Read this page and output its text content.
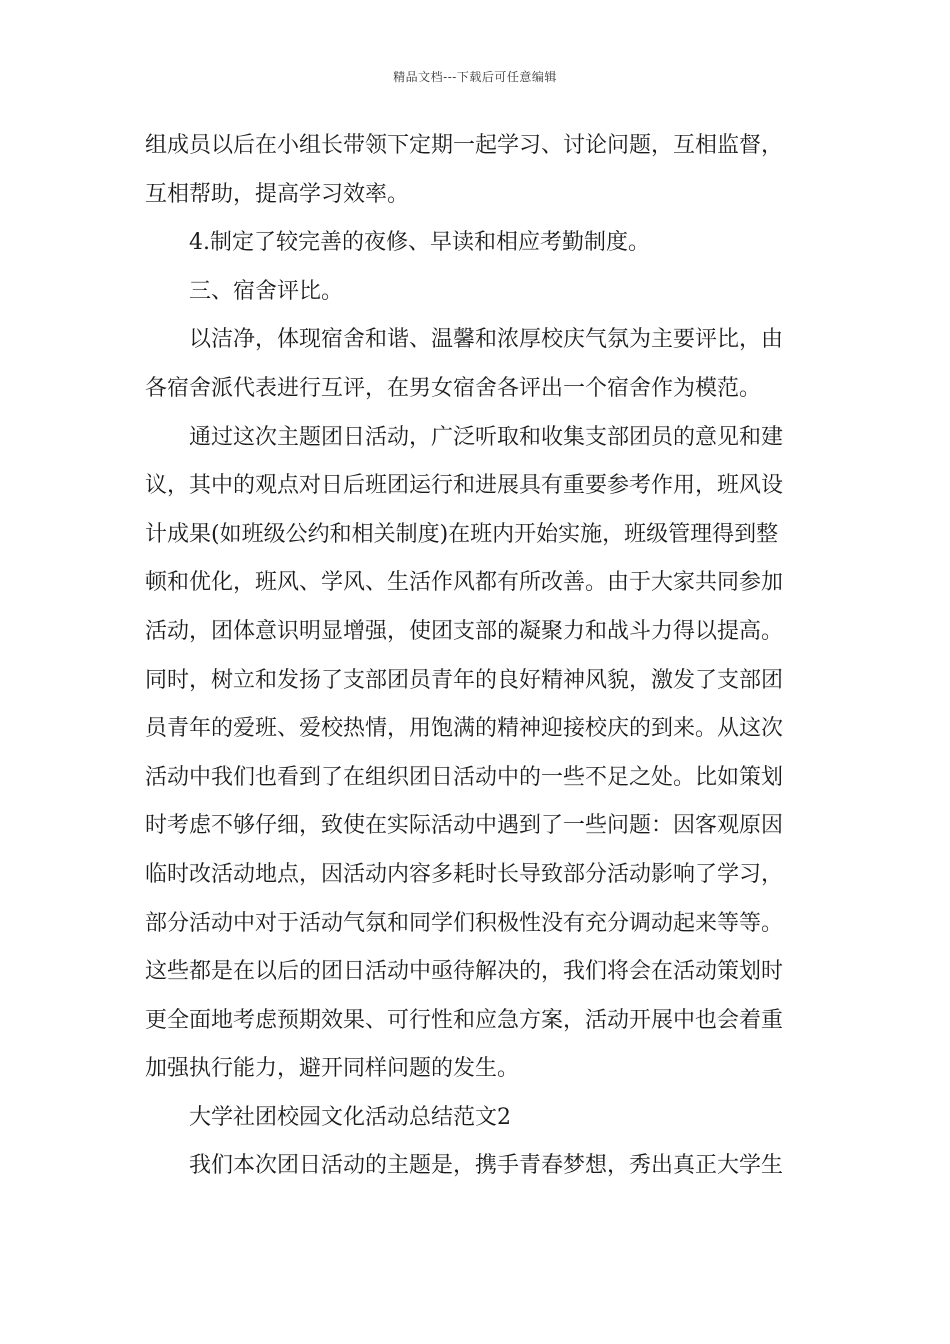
精品文档---下载后可任意编辑
组成员以后在小组长带领下定期一起学习、讨论问题，互相监督，
互相帮助，提高学习效率。
4.制定了较完善的夜修、早读和相应考勤制度。
三、宿舍评比。
以洁净，体现宿舍和谐、温馨和浓厚校庆气氛为主要评比，由
各宿舍派代表进行互评，在男女宿舍各评出一个宿舍作为模范。
通过这次主题团日活动，广泛听取和收集支部团员的意见和建
议，其中的观点对日后班团运行和进展具有重要参考作用，班风设
计成果(如班级公约和相关制度)在班内开始实施，班级管理得到整
顿和优化，班风、学风、生活作风都有所改善。由于大家共同参加
活动，团体意识明显增强，使团支部的凝聚力和战斗力得以提高。
同时，树立和发扬了支部团员青年的良好精神风貌，激发了支部团
员青年的爱班、爱校热情，用饱满的精神迎接校庆的到来。从这次
活动中我们也看到了在组织团日活动中的一些不足之处。比如策划
时考虑不够仔细，致使在实际活动中遇到了一些问题：因客观原因
临时改活动地点，因活动内容多耗时长导致部分活动影响了学习，
部分活动中对于活动气氛和同学们积极性没有充分调动起来等等。
这些都是在以后的团日活动中亟待解决的，我们将会在活动策划时
更全面地考虑预期效果、可行性和应急方案，活动开展中也会着重
加强执行能力，避开同样问题的发生。
大学社团校园文化活动总结范文2
我们本次团日活动的主题是，携手青春梦想，秀出真正大学生
